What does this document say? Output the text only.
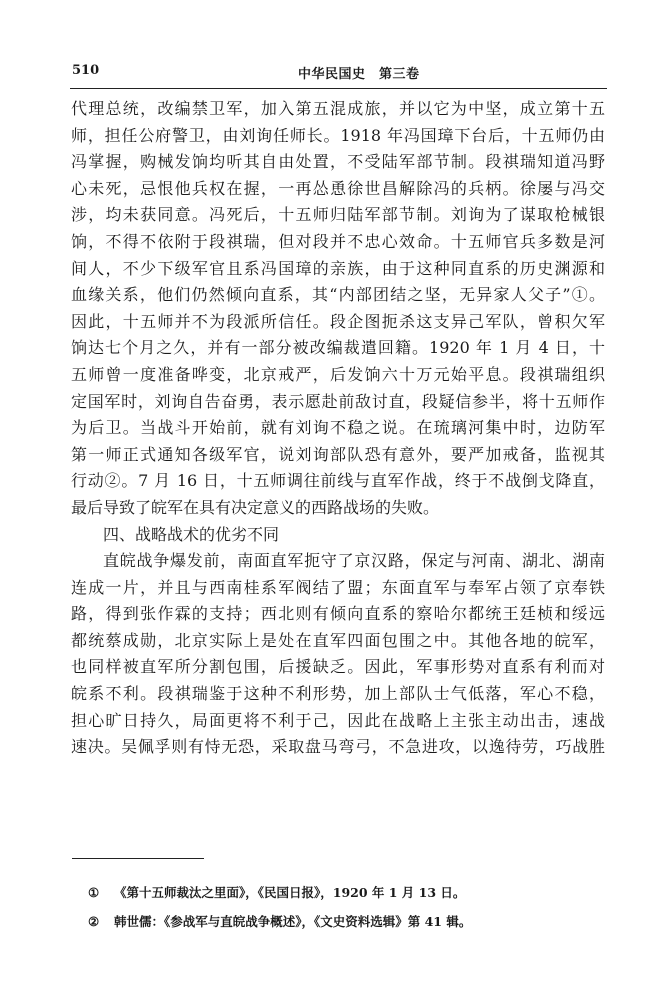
510	中华民国史　第三卷
代理总统，改编禁卫军，加入第五混成旅，并以它为中坚，成立第十五
师，担任公府警卫，由刘询任师长。1918 年冯国璋下台后，十五师仍由
冯掌握，购械发饷均听其自由处置，不受陆军部节制。段祺瑞知道冯野
心未死，忌恨他兵权在握，一再怂恿徐世昌解除冯的兵柄。徐屡与冯交
涉，均未获同意。冯死后，十五师归陆军部节制。刘询为了谋取枪械银
饷，不得不依附于段祺瑞，但对段并不忠心效命。十五师官兵多数是河
间人，不少下级军官且系冯国璋的亲族，由于这种同直系的历史渊源和
血缘关系，他们仍然倾向直系，其“内部团结之坚，无异家人父子”①。
因此，十五师并不为段派所信任。段企图扼杀这支异己军队，曾积欠军
饷达七个月之久，并有一部分被改编裁遣回籍。1920 年 1 月 4 日，十
五师曾一度准备哗变，北京戒严，后发饷六十万元始平息。段祺瑞组织
定国军时，刘询自告奋勇，表示愿赴前敌讨直，段疑信参半，将十五师作
为后卫。当战斗开始前，就有刘询不稳之说。在琉璃河集中时，边防军
第一师正式通知各级军官，说刘询部队恐有意外，要严加戒备，监视其
行动②。7 月 16 日，十五师调往前线与直军作战，终于不战倒戈降直，
最后导致了皖军在具有决定意义的西路战场的失败。
四、战略战术的优劣不同
直皖战争爆发前，南面直军扼守了京汉路，保定与河南、湖北、湖南
连成一片，并且与西南桂系军阀结了盟；东面直军与奉军占领了京奉铁
路，得到张作霖的支持；西北则有倾向直系的察哈尔都统王廷桢和绥远
都统蔡成勋，北京实际上是处在直军四面包围之中。其他各地的皖军，
也同样被直军所分割包围，后援缺乏。因此，军事形势对直系有利而对
皖系不利。段祺瑞鉴于这种不利形势，加上部队士气低落，军心不稳，
担心旷日持久，局面更将不利于己，因此在战略上主张主动出击，速战
速决。吴佩孚则有恃无恐，采取盘马弯弓，不急进攻，以逸待劳，巧战胜
① 《第十五师裁汰之里面》，《民国日报》，1920 年 1 月 13 日。
② 韩世儒：《参战军与直皖战争概述》，《文史资料选辑》第 41 辑。
